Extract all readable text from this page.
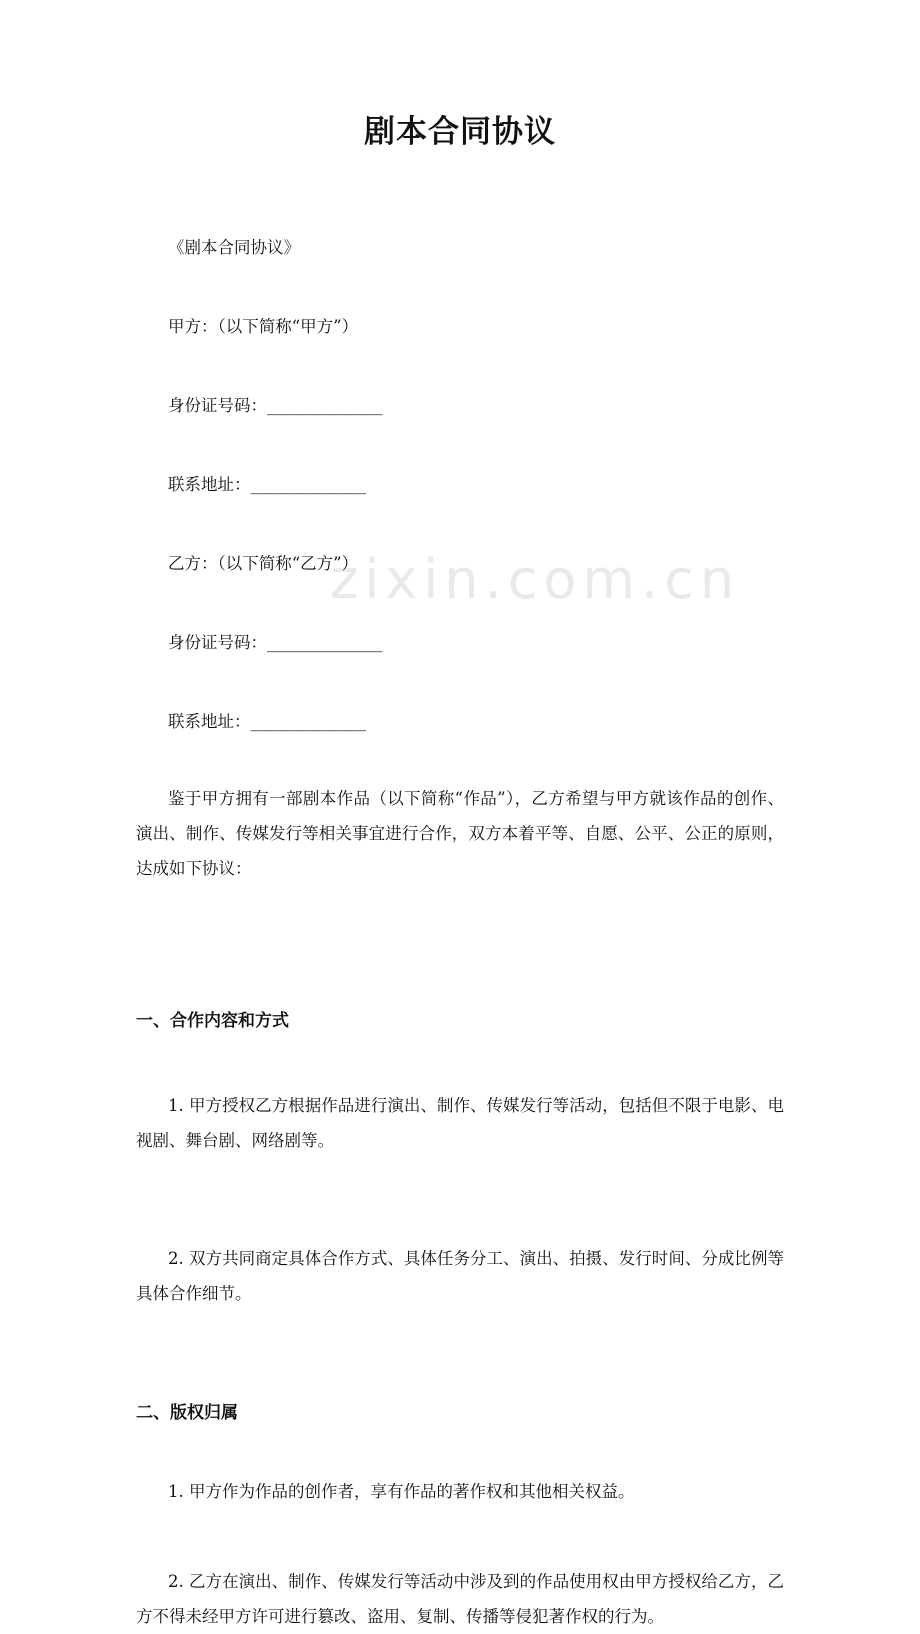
zixin.com.cn
剧本合同协议
《剧本合同协议》
甲方：（以下简称“甲方”）
身份证号码：______________
联系地址：______________
乙方：（以下简称“乙方”）
身份证号码：______________
联系地址：______________
鉴于甲方拥有一部剧本作品（以下简称“作品”），乙方希望与甲方就该作品的创作、演出、制作、传媒发行等相关事宜进行合作，双方本着平等、自愿、公平、公正的原则，达成如下协议：
一、合作内容和方式
1. 甲方授权乙方根据作品进行演出、制作、传媒发行等活动，包括但不限于电影、电视剧、舞台剧、网络剧等。
2. 双方共同商定具体合作方式、具体任务分工、演出、拍摄、发行时间、分成比例等具体合作细节。
二、版权归属
1. 甲方作为作品的创作者，享有作品的著作权和其他相关权益。
2. 乙方在演出、制作、传媒发行等活动中涉及到的作品使用权由甲方授权给乙方，乙方不得未经甲方许可进行篡改、盗用、复制、传播等侵犯著作权的行为。
